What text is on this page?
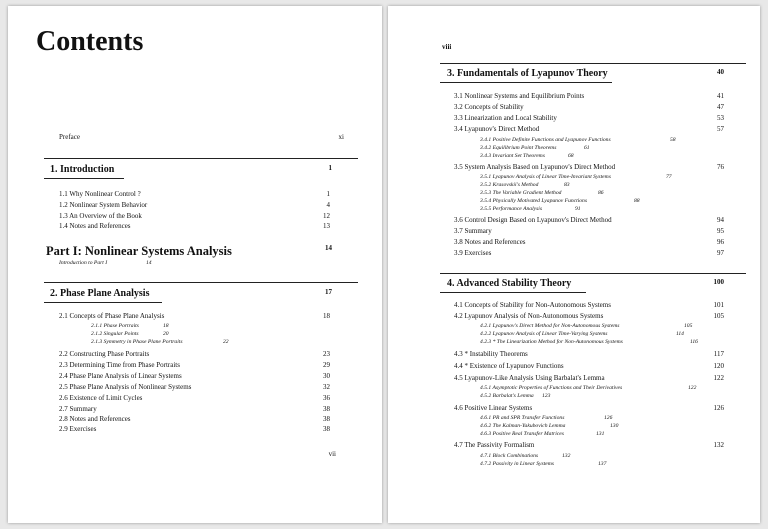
Contents
Preface	xi
1. Introduction	1
1.1 Why Nonlinear Control ?	1
1.2 Nonlinear System Behavior	4
1.3 An Overview of the Book	12
1.4 Notes and References	13
Part I: Nonlinear Systems Analysis	14
Introduction to Part I	14
2. Phase Plane Analysis	17
2.1 Concepts of Phase Plane Analysis	18
2.1.1 Phase Portraits	18
2.1.2 Singular Points	20
2.1.3 Symmetry in Phase Plane Portraits	22
2.2 Constructing Phase Portraits	23
2.3 Determining Time from Phase Portraits	29
2.4 Phase Plane Analysis of Linear Systems	30
2.5 Phase Plane Analysis of Nonlinear Systems	32
2.6 Existence of Limit Cycles	36
2.7 Summary	38
2.8 Notes and References	38
2.9 Exercises	38
vii
viii
3. Fundamentals of Lyapunov Theory	40
3.1 Nonlinear Systems and Equilibrium Points	41
3.2 Concepts of Stability	47
3.3 Linearization and Local Stability	53
3.4 Lyapunov's Direct Method	57
3.4.1 Positive Definite Functions and Lyapunov Functions	58
3.4.2 Equilibrium Point Theorems	61
3.4.3 Invariant Set Theorems	68
3.5 System Analysis Based on Lyapunov's Direct Method	76
3.5.1 Lyapunov Analysis of Linear Time-Invariant Systems	77
3.5.2 Krasovskii's Method	83
3.5.3 The Variable Gradient Method	86
3.5.4 Physically Motivated Lyapunov Functions	88
3.5.5 Performance Analysis	91
3.6 Control Design Based on Lyapunov's Direct Method	94
3.7 Summary	95
3.8 Notes and References	96
3.9 Exercises	97
4. Advanced Stability Theory	100
4.1 Concepts of Stability for Non-Autonomous Systems	101
4.2 Lyapunov Analysis of Non-Autonomous Systems	105
4.2.1 Lyapunov's Direct Method for Non-Autonomous Systems	105
4.2.2 Lyapunov Analysis of Linear Time-Varying Systems	114
4.2.3 * The Linearization Method for Non-Autonomous Systems	116
4.3 * Instability Theorems	117
4.4 * Existence of Lyapunov Functions	120
4.5 Lyapunov-Like Analysis Using Barbalat's Lemma	122
4.5.1 Asymptotic Properties of Functions and Their Derivatives	122
4.5.2 Barbalat's Lemma 123
4.6 Positive Linear Systems	126
4.6.1 PR and SPR Transfer Functions	126
4.6.2 The Kalman-Yakubovich Lemma	130
4.6.3 Positive Real Transfer Matrices	131
4.7 The Passivity Formalism	132
4.7.1 Block Combinations	132
4.7.2 Passivity in Linear Systems	137
